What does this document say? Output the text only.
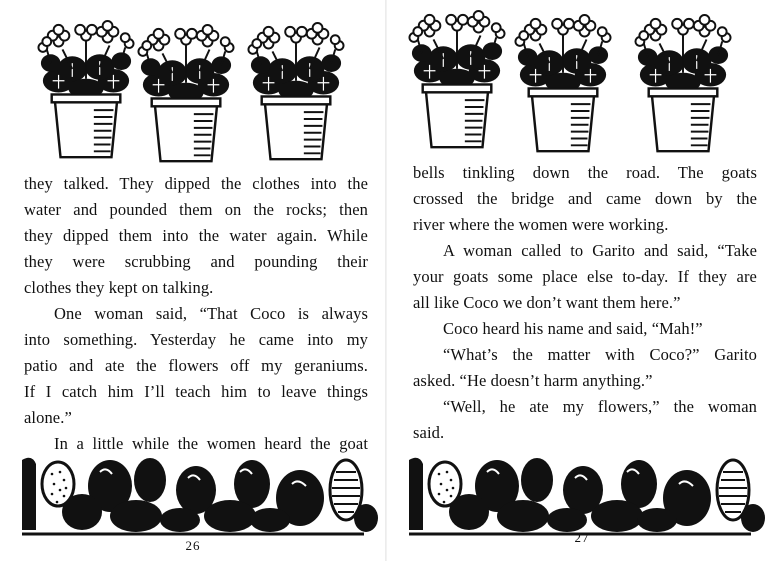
they talked. They dipped the clothes into the
water and pounded them on the rocks; then
they dipped them into the water again. While
they were scrubbing and pounding their
clothes they kept on talking.
One woman said, “That Coco is always
into something. Yesterday he came into my
patio and ate the flowers off my geraniums.
If I catch him I’ll teach him to leave things
alone.”
In a little while the women heard the goat
26
bells tinkling down the road. The goats
crossed the bridge and came down by the
river where the women were working.
A woman called to Garito and said, “Take
your goats some place else to-day. If they are
all like Coco we don’t want them here.”
Coco heard his name and said, “Mah!”
“What’s the matter with Coco?” Garito
asked. “He doesn’t harm anything.”
“Well, he ate my flowers,” the woman
said.
27
